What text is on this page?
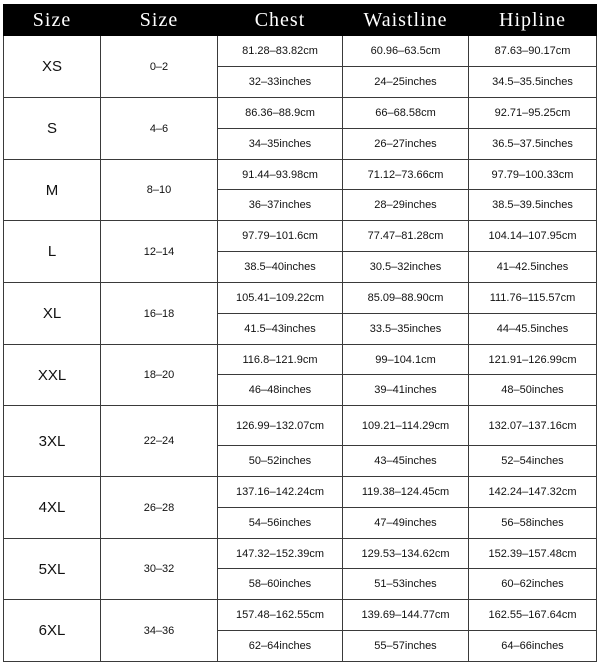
Size	Size	Chest	Waistline	Hipline
XS	0–2	81.28–83.82cm	60.96–63.5cm	87.63–90.17cm
		32–33inches	24–25inches	34.5–35.5inches
S	4–6	86.36–88.9cm	66–68.58cm	92.71–95.25cm
		34–35inches	26–27inches	36.5–37.5inches
M	8–10	91.44–93.98cm	71.12–73.66cm	97.79–100.33cm
		36–37inches	28–29inches	38.5–39.5inches
L	12–14	97.79–101.6cm	77.47–81.28cm	104.14–107.95cm
		38.5–40inches	30.5–32inches	41–42.5inches
XL	16–18	105.41–109.22cm	85.09–88.90cm	111.76–115.57cm
		41.5–43inches	33.5–35inches	44–45.5inches
XXL	18–20	116.8–121.9cm	99–104.1cm	121.91–126.99cm
		46–48inches	39–41inches	48–50inches
3XL	22–24	126.99–132.07cm	109.21–114.29cm	132.07–137.16cm
		50–52inches	43–45inches	52–54inches
4XL	26–28	137.16–142.24cm	119.38–124.45cm	142.24–147.32cm
		54–56inches	47–49inches	56–58inches
5XL	30–32	147.32–152.39cm	129.53–134.62cm	152.39–157.48cm
		58–60inches	51–53inches	60–62inches
6XL	34–36	157.48–162.55cm	139.69–144.77cm	162.55–167.64cm
		62–64inches	55–57inches	64–66inches
